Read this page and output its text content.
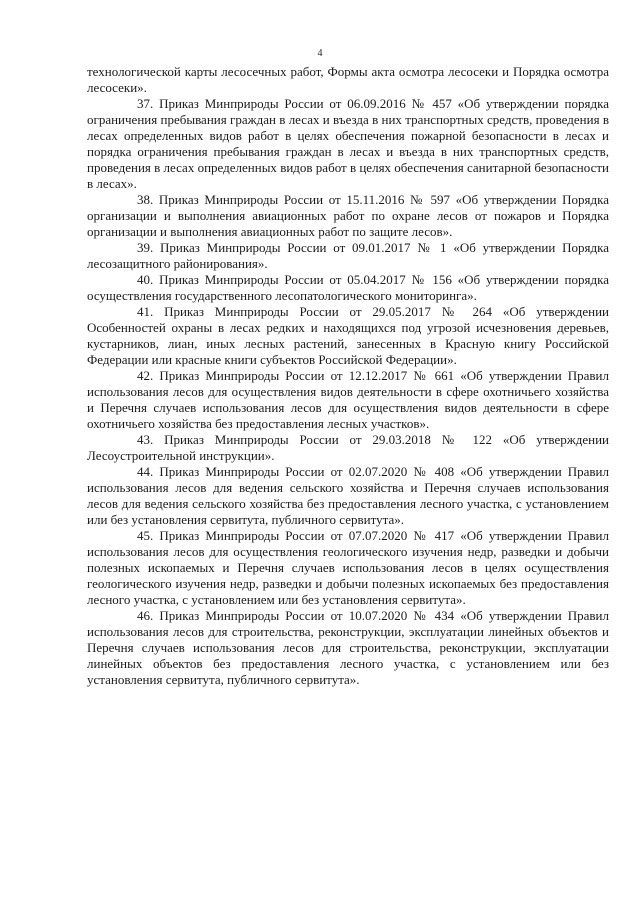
4

технологической карты лесосечных работ, Формы акта осмотра лесосеки и Порядка осмотра лесосеки».

37. Приказ Минприроды России от 06.09.2016 № 457 «Об утверждении порядка ограничения пребывания граждан в лесах и въезда в них транспортных средств, проведения в лесах определенных видов работ в целях обеспечения пожарной безопасности в лесах и порядка ограничения пребывания граждан в лесах и въезда в них транспортных средств, проведения в лесах определенных видов работ в целях обеспечения санитарной безопасности в лесах».

38. Приказ Минприроды России от 15.11.2016 № 597 «Об утверждении Порядка организации и выполнения авиационных работ по охране лесов от пожаров и Порядка организации и выполнения авиационных работ по защите лесов».

39. Приказ Минприроды России от 09.01.2017 № 1 «Об утверждении Порядка лесозащитного районирования».

40. Приказ Минприроды России от 05.04.2017 № 156 «Об утверждении порядка осуществления государственного лесопатологического мониторинга».

41. Приказ Минприроды России от 29.05.2017 № 264 «Об утверждении Особенностей охраны в лесах редких и находящихся под угрозой исчезновения деревьев, кустарников, лиан, иных лесных растений, занесенных в Красную книгу Российской Федерации или красные книги субъектов Российской Федерации».

42. Приказ Минприроды России от 12.12.2017 № 661 «Об утверждении Правил использования лесов для осуществления видов деятельности в сфере охотничьего хозяйства и Перечня случаев использования лесов для осуществления видов деятельности в сфере охотничьего хозяйства без предоставления лесных участков».

43. Приказ Минприроды России от 29.03.2018 № 122 «Об утверждении Лесоустроительной инструкции».

44. Приказ Минприроды России от 02.07.2020 № 408 «Об утверждении Правил использования лесов для ведения сельского хозяйства и Перечня случаев использования лесов для ведения сельского хозяйства без предоставления лесного участка, с установлением или без установления сервитута, публичного сервитута».

45. Приказ Минприроды России от 07.07.2020 № 417 «Об утверждении Правил использования лесов для осуществления геологического изучения недр, разведки и добычи полезных ископаемых и Перечня случаев использования лесов в целях осуществления геологического изучения недр, разведки и добычи полезных ископаемых без предоставления лесного участка, с установлением или без установления сервитута».

46. Приказ Минприроды России от 10.07.2020 № 434 «Об утверждении Правил использования лесов для строительства, реконструкции, эксплуатации линейных объектов и Перечня случаев использования лесов для строительства, реконструкции, эксплуатации линейных объектов без предоставления лесного участка, с установлением или без установления сервитута, публичного сервитута».
